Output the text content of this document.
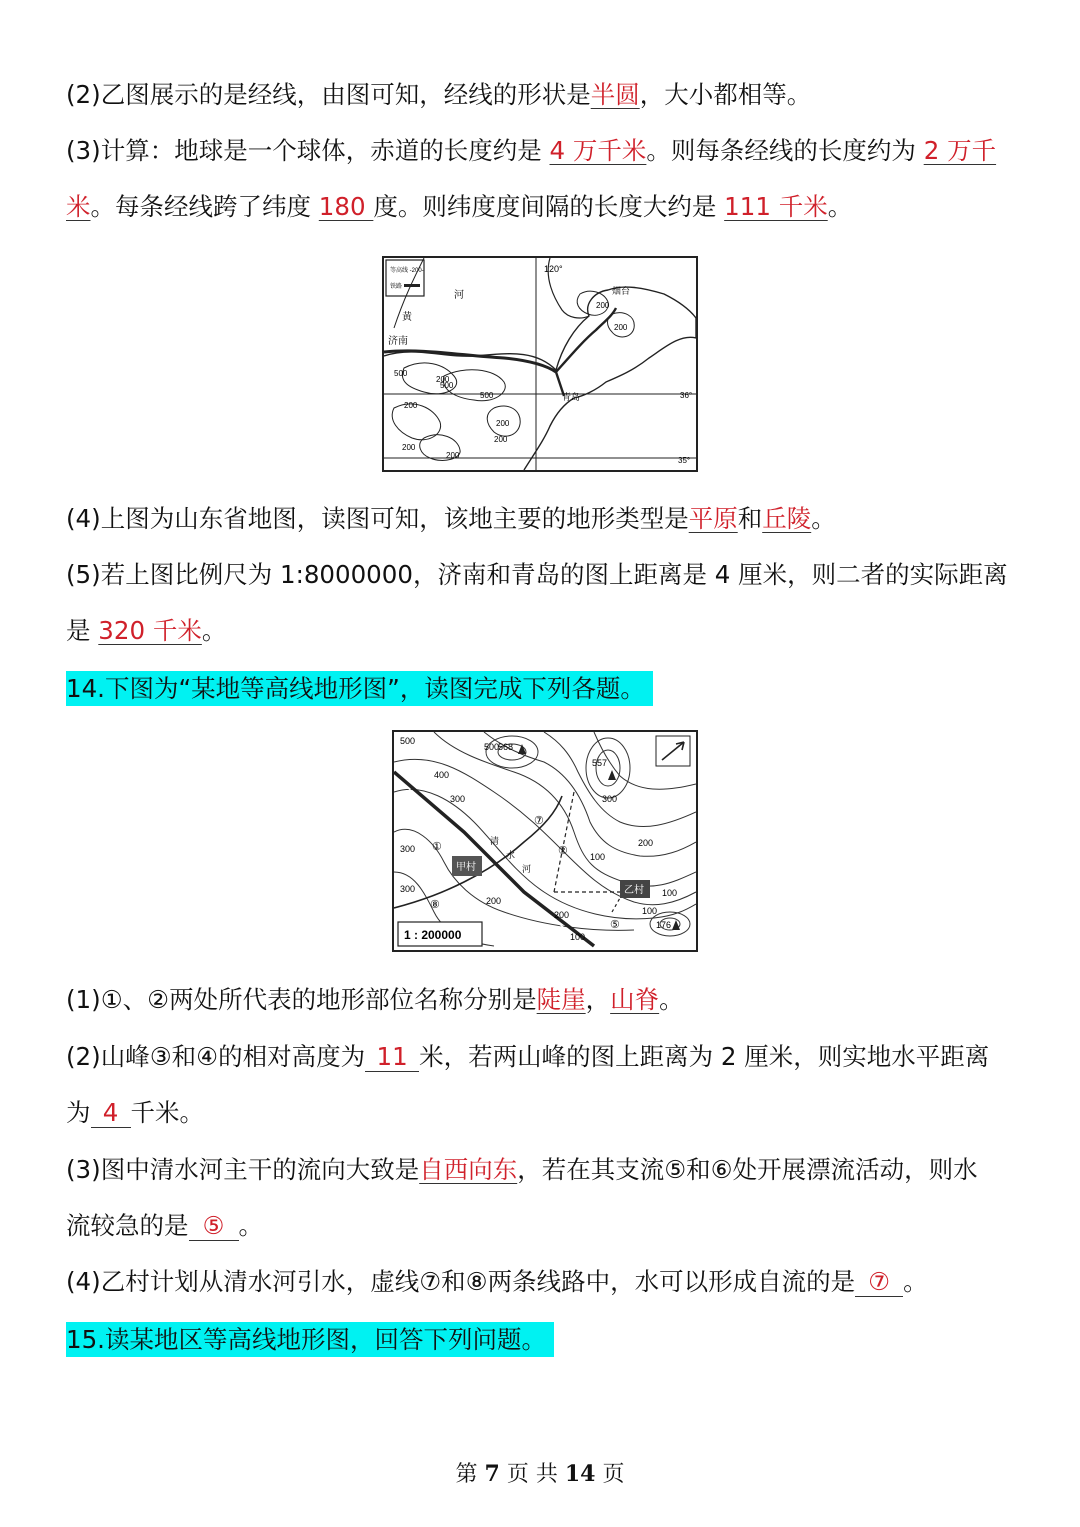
(2)乙图展示的是经线，由图可知，经线的形状是半圆，大小都相等。
(3)计算：地球是一个球体，赤道的长度约是 4 万千米。则每条经线的长度约为 2 万千
米。每条经线跨了纬度 180 度。则纬度度间隔的长度大约是 111 千米。
等高线 -200-
铁路
120°
36°
35°
河
黄
济南
青岛
烟台
500
200
500
200
500
200
200
200
200
200
200
(4)上图为山东省地图，读图可知，该地主要的地形类型是平原和丘陵。
(5)若上图比例尺为 1:8000000，济南和青岛的图上距离是 4 厘米，则二者的实际距离
是 320 千米。
14.下图为“某地等高线地形图”，读图完成下列各题。
甲村
乙村
清
水
河
568
557
176
500
500
400
300
300
300
200
200
300
200
100
100
100
100
①	②
⑦
⑧
⑤
1 : 200000
(1)①、②两处所代表的地形部位名称分别是陡崖，山脊。
(2)山峰③和④的相对高度为 11 米，若两山峰的图上距离为 2 厘米，则实地水平距离
为 4 千米。
(3)图中清水河主干的流向大致是自西向东，若在其支流⑤和⑥处开展漂流活动，则水
流较急的是 ⑤ 。
(4)乙村计划从清水河引水，虚线⑦和⑧两条线路中，水可以形成自流的是 ⑦ 。
15.读某地区等高线地形图，回答下列问题。
第 7 页 共 14 页
